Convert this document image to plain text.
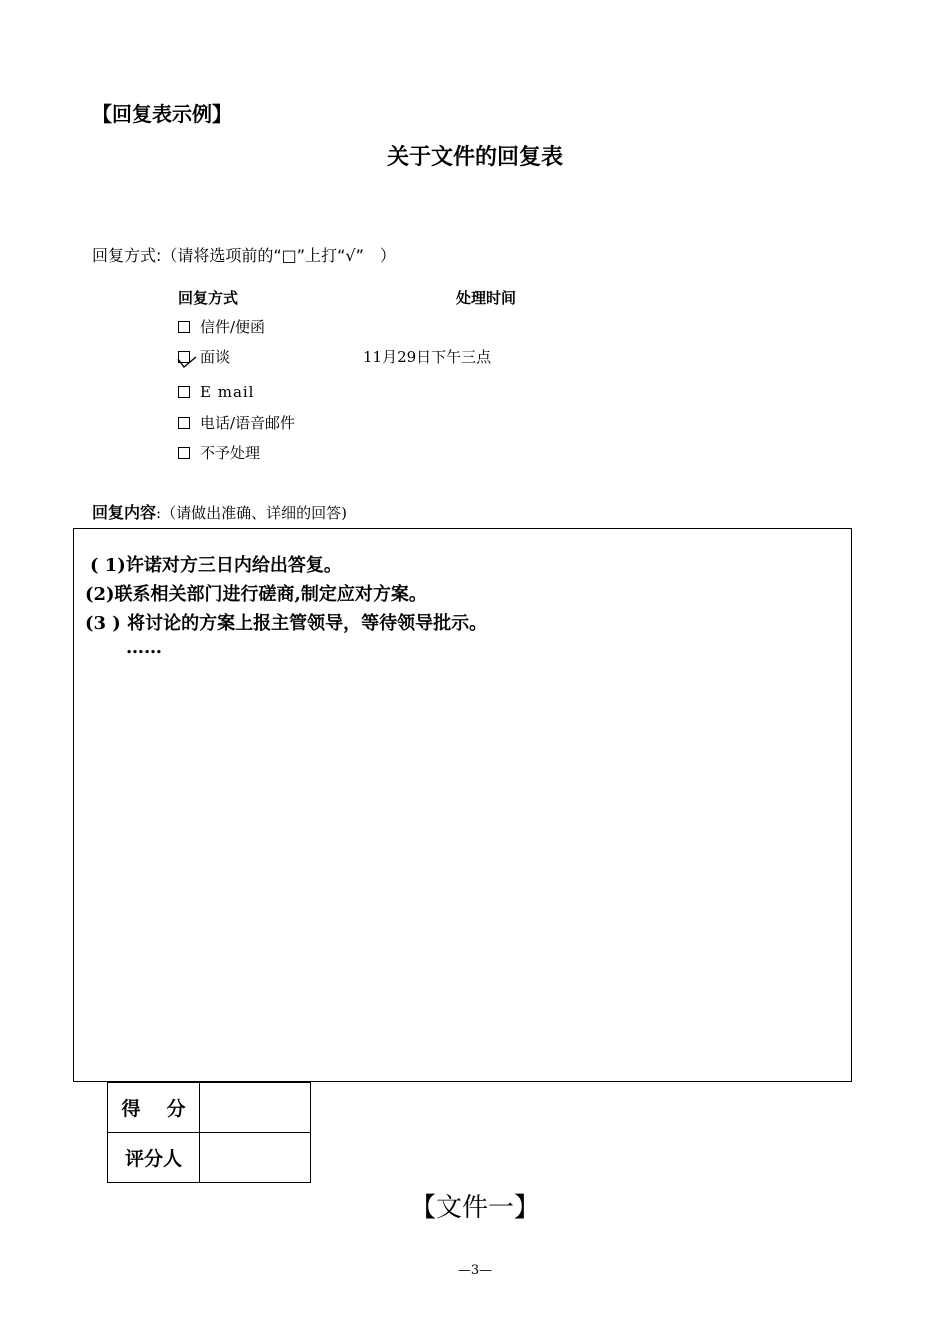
【回复表示例】
关于文件的回复表
回复方式:（请将选项前的“□”上打“√”　）
回复方式	处理时间
信件/便函
面谈	11月29日下午三点
E mail
电话/语音邮件
不予处理
回复内容:（请做出准确、详细的回答)
( 1)许诺对方三日内给出答复。
(2)联系相关部门进行磋商,制定应对方案。
(3 ) 将讨论的方案上报主管领导，等待领导批示。
……
得分	
评分人	
【文件一】
—3—
